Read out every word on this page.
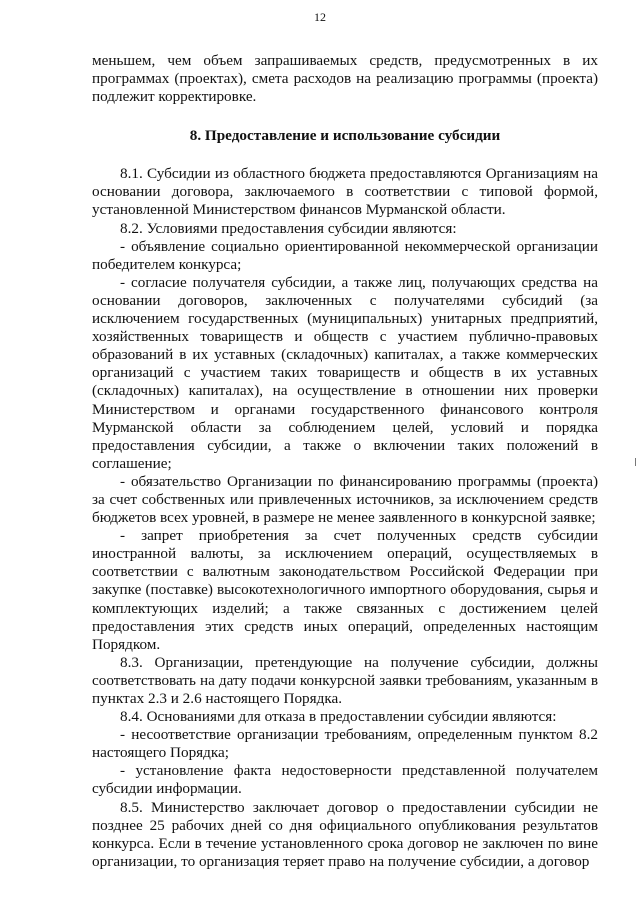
12

меньшем, чем объем запрашиваемых средств, предусмотренных в их программах (проектах), смета расходов на реализацию программы (проекта) подлежит корректировке.

8. Предоставление и использование субсидии

8.1. Субсидии из областного бюджета предоставляются Организациям на основании договора, заключаемого в соответствии с типовой формой, установленной Министерством финансов Мурманской области.

8.2. Условиями предоставления субсидии являются:

- объявление социально ориентированной некоммерческой организации победителем конкурса;

- согласие получателя субсидии, а также лиц, получающих средства на основании договоров, заключенных с получателями субсидий (за исключением государственных (муниципальных) унитарных предприятий, хозяйственных товариществ и обществ с участием публично-правовых образований в их уставных (складочных) капиталах, а также коммерческих организаций с участием таких товариществ и обществ в их уставных (складочных) капиталах), на осуществление в отношении них проверки Министерством и органами государственного финансового контроля Мурманской области за соблюдением целей, условий и порядка предоставления субсидии, а также о включении таких положений в соглашение;

- обязательство Организации по финансированию программы (проекта) за счет собственных или привлеченных источников, за исключением средств бюджетов всех уровней, в размере не менее заявленного в конкурсной заявке;

- запрет приобретения за счет полученных средств субсидии иностранной валюты, за исключением операций, осуществляемых в соответствии с валютным законодательством Российской Федерации при закупке (поставке) высокотехнологичного импортного оборудования, сырья и комплектующих изделий; а также связанных с достижением целей предоставления этих средств иных операций, определенных настоящим Порядком.

8.3. Организации, претендующие на получение субсидии, должны соответствовать на дату подачи конкурсной заявки требованиям, указанным в пунктах 2.3 и 2.6 настоящего Порядка.

8.4. Основаниями для отказа в предоставлении субсидии являются:

- несоответствие организации требованиям, определенным пунктом 8.2 настоящего Порядка;

- установление факта недостоверности представленной получателем субсидии информации.

8.5. Министерство заключает договор о предоставлении субсидии не позднее 25 рабочих дней со дня официального опубликования результатов конкурса. Если в течение установленного срока договор не заключен по вине организации, то организация теряет право на получение субсидии, а договор
